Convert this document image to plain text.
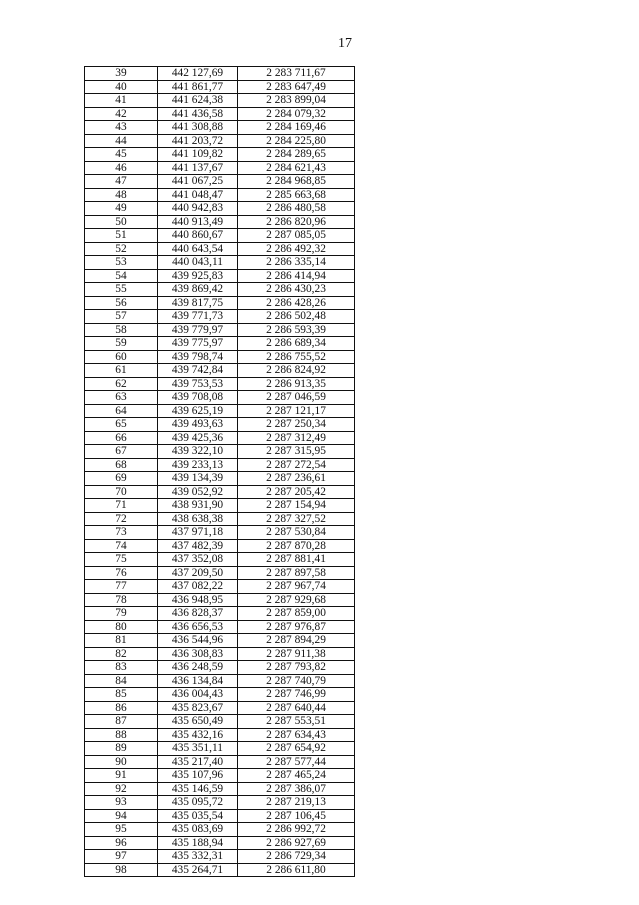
17
39	442 127,69	2 283 711,67
40	441 861,77	2 283 647,49
41	441 624,38	2 283 899,04
42	441 436,58	2 284 079,32
43	441 308,88	2 284 169,46
44	441 203,72	2 284 225,80
45	441 109,82	2 284 289,65
46	441 137,67	2 284 621,43
47	441 067,25	2 284 968,85
48	441 048,47	2 285 663,68
49	440 942,83	2 286 480,58
50	440 913,49	2 286 820,96
51	440 860,67	2 287 085,05
52	440 643,54	2 286 492,32
53	440 043,11	2 286 335,14
54	439 925,83	2 286 414,94
55	439 869,42	2 286 430,23
56	439 817,75	2 286 428,26
57	439 771,73	2 286 502,48
58	439 779,97	2 286 593,39
59	439 775,97	2 286 689,34
60	439 798,74	2 286 755,52
61	439 742,84	2 286 824,92
62	439 753,53	2 286 913,35
63	439 708,08	2 287 046,59
64	439 625,19	2 287 121,17
65	439 493,63	2 287 250,34
66	439 425,36	2 287 312,49
67	439 322,10	2 287 315,95
68	439 233,13	2 287 272,54
69	439 134,39	2 287 236,61
70	439 052,92	2 287 205,42
71	438 931,90	2 287 154,94
72	438 638,38	2 287 327,52
73	437 971,18	2 287 530,84
74	437 482,39	2 287 870,28
75	437 352,08	2 287 881,41
76	437 209,50	2 287 897,58
77	437 082,22	2 287 967,74
78	436 948,95	2 287 929,68
79	436 828,37	2 287 859,00
80	436 656,53	2 287 976,87
81	436 544,96	2 287 894,29
82	436 308,83	2 287 911,38
83	436 248,59	2 287 793,82
84	436 134,84	2 287 740,79
85	436 004,43	2 287 746,99
86	435 823,67	2 287 640,44
87	435 650,49	2 287 553,51
88	435 432,16	2 287 634,43
89	435 351,11	2 287 654,92
90	435 217,40	2 287 577,44
91	435 107,96	2 287 465,24
92	435 146,59	2 287 386,07
93	435 095,72	2 287 219,13
94	435 035,54	2 287 106,45
95	435 083,69	2 286 992,72
96	435 188,94	2 286 927,69
97	435 332,31	2 286 729,34
98	435 264,71	2 286 611,80
